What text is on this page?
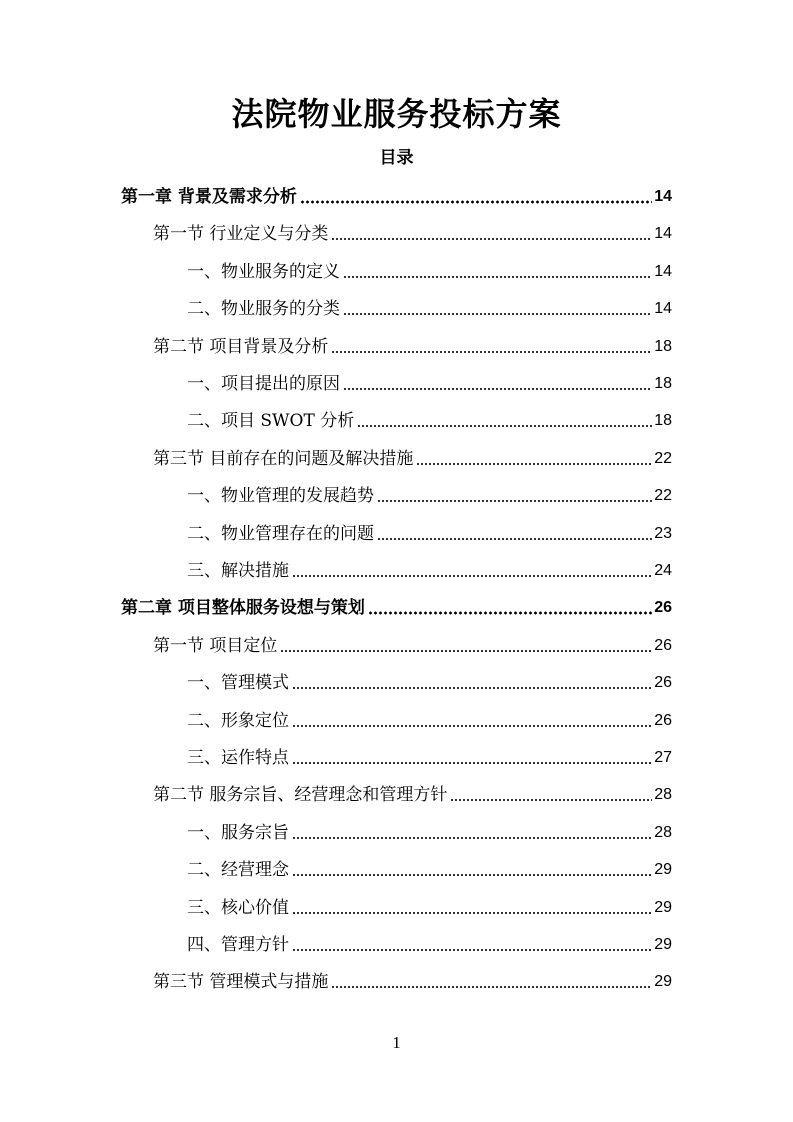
法院物业服务投标方案
目录
第一章 背景及需求分析	14
第一节 行业定义与分类	14
一、物业服务的定义	14
二、物业服务的分类	14
第二节 项目背景及分析	18
一、项目提出的原因	18
二、项目 SWOT 分析	18
第三节 目前存在的问题及解决措施	22
一、物业管理的发展趋势	22
二、物业管理存在的问题	23
三、解决措施	24
第二章 项目整体服务设想与策划	26
第一节 项目定位	26
一、管理模式	26
二、形象定位	26
三、运作特点	27
第二节 服务宗旨、经营理念和管理方针	28
一、服务宗旨	28
二、经营理念	29
三、核心价值	29
四、管理方针	29
第三节 管理模式与措施	29
1
